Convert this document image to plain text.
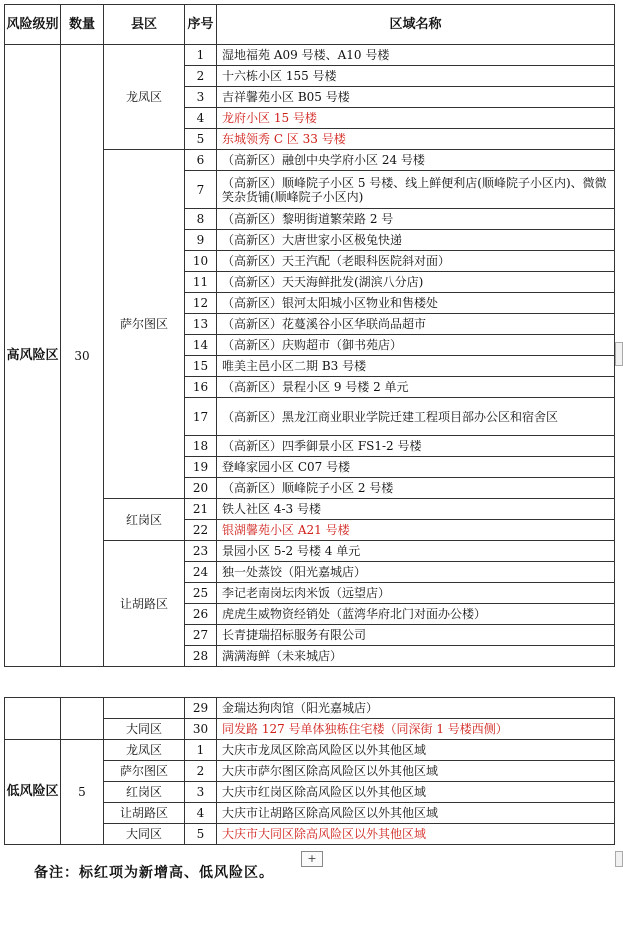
风险级别	数量	县区	序号	区域名称
高风险区	30	龙凤区	1	湿地福苑 A09 号楼、A10 号楼
			2	十六栋小区 155 号楼
			3	吉祥馨苑小区 B05 号楼
			4	龙府小区 15 号楼
			5	东城领秀 C 区 33 号楼
		萨尔图区	6	（高新区）融创中央学府小区 24 号楼
			7	（高新区）顺峰院子小区 5 号楼、线上鲜便利店(顺峰院子小区内)、微微笑杂货铺(顺峰院子小区内)
			8	（高新区）黎明街道繁荣路 2 号
			9	（高新区）大唐世家小区极兔快递
			10	（高新区）天王汽配（老眼科医院斜对面）
			11	（高新区）天天海鲜批发(湖滨八分店)
			12	（高新区）银河太阳城小区物业和售楼处
			13	（高新区）花蔓溪谷小区华联尚品超市
			14	（高新区）庆购超市（御书苑店）
			15	唯美主邑小区二期 B3 号楼
			16	（高新区）景程小区 9 号楼 2 单元
			17	（高新区）黑龙江商业职业学院迁建工程项目部办公区和宿舍区
			18	（高新区）四季御景小区 FS1-2 号楼
			19	登峰家园小区 C07 号楼
			20	（高新区）顺峰院子小区 2 号楼
		红岗区	21	铁人社区 4-3 号楼
			22	银湖馨苑小区 A21 号楼
		让胡路区	23	景园小区 5-2 号楼 4 单元
			24	独一处蒸饺（阳光嘉城店）
			25	李记老南岗坛肉米饭（远望店）
			26	虎虎生威物资经销处（蓝湾华府北门对面办公楼）
			27	长青捷瑞招标服务有限公司
			28	满满海鲜（未来城店）
			29	金瑞达狗肉馆（阳光嘉城店）
		大同区	30	同发路 127 号单体独栋住宅楼（同深街 1 号楼西侧）
低风险区	5	龙凤区	1	大庆市龙凤区除高风险区以外其他区域
		萨尔图区	2	大庆市萨尔图区除高风险区以外其他区域
		红岗区	3	大庆市红岗区除高风险区以外其他区域
		让胡路区	4	大庆市让胡路区除高风险区以外其他区域
		大同区	5	大庆市大同区除高风险区以外其他区域
+
备注：标红项为新增高、低风险区。
